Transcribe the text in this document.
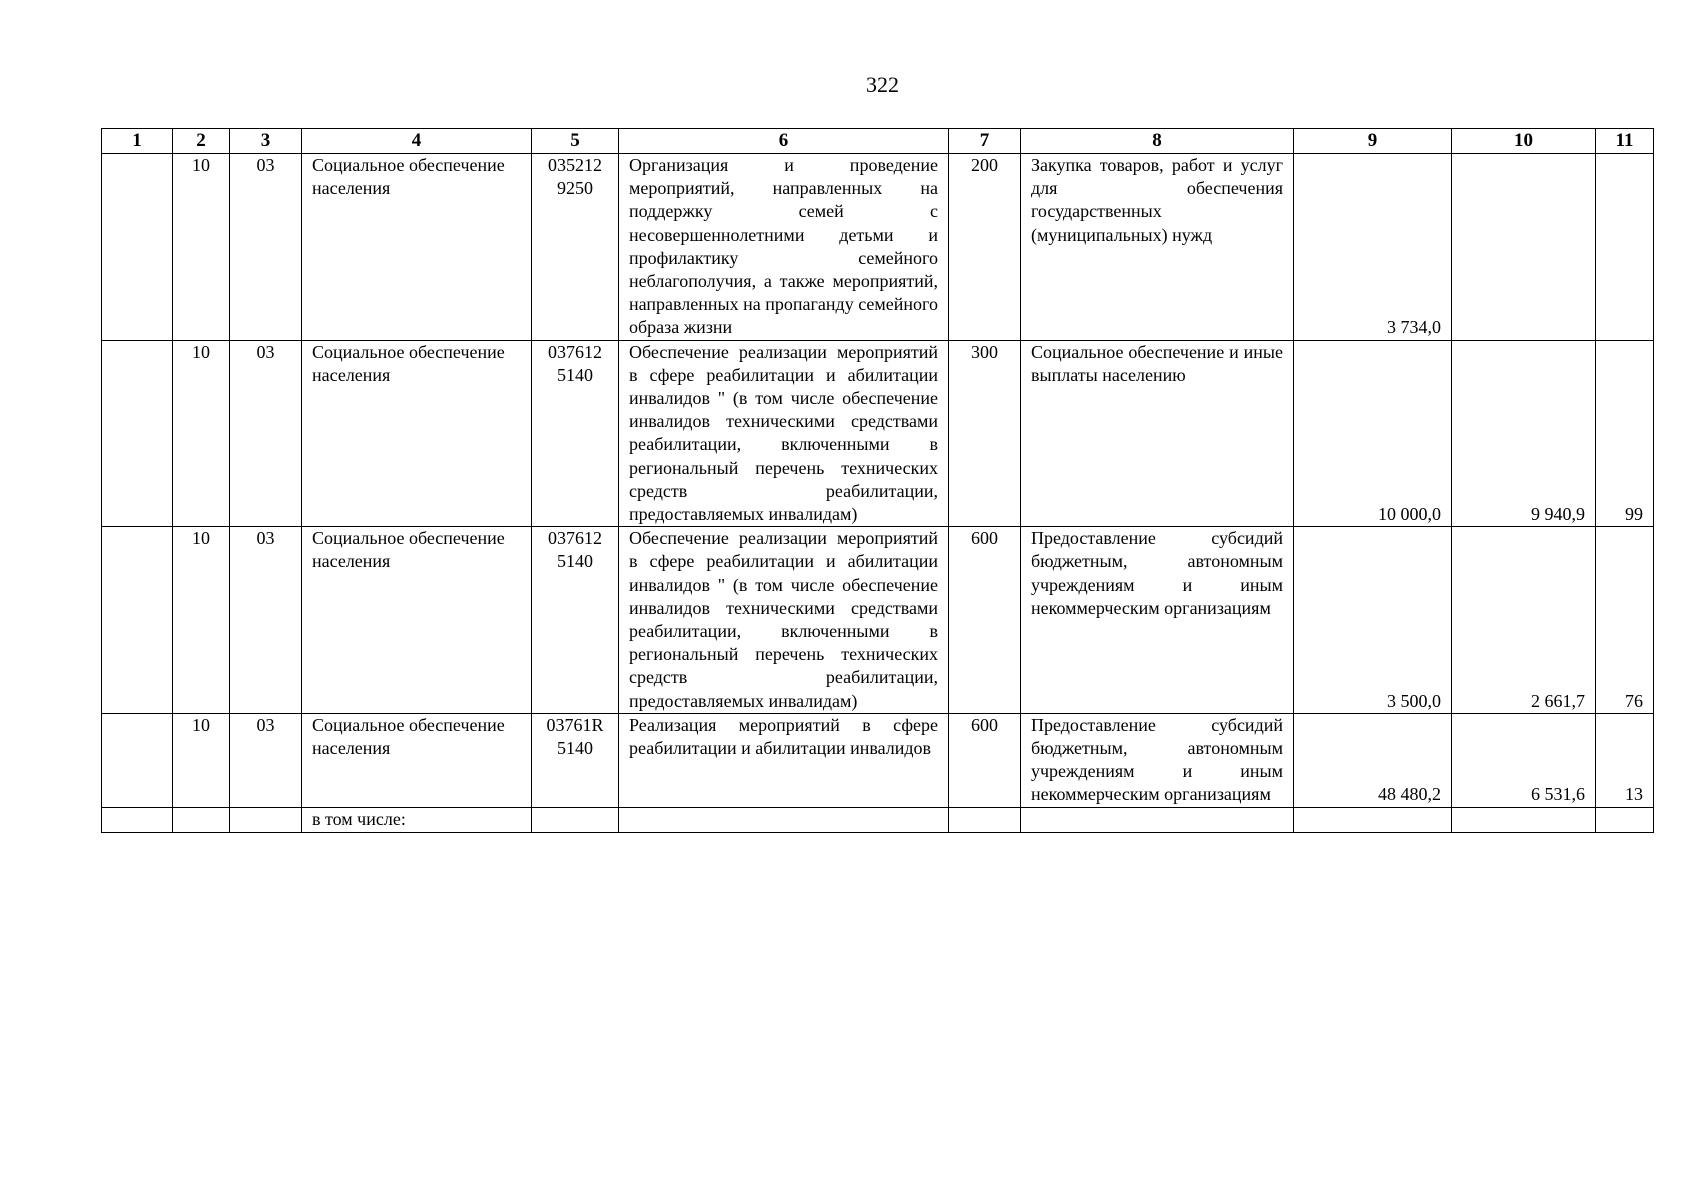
322
1	2	3	4	5	6	7	8	9	10	11
	10	03	Социальное обеспечение населения	035212 9250	Организация и проведение мероприятий, направленных на поддержку семей с несовершеннолетними детьми и профилактику семейного неблагополучия, а также мероприятий, направленных на пропаганду семейного образа жизни	200	Закупка товаров, работ и услуг для обеспечения государственных (муниципальных) нужд	3 734,0		
	10	03	Социальное обеспечение населения	037612 5140	Обеспечение реализации мероприятий в сфере реабилитации и абилитации инвалидов " (в том числе обеспечение инвалидов техническими средствами реабилитации, включенными в региональный перечень технических средств реабилитации, предоставляемых инвалидам)	300	Социальное обеспечение и иные выплаты населению	10 000,0	9 940,9	99
	10	03	Социальное обеспечение населения	037612 5140	Обеспечение реализации мероприятий в сфере реабилитации и абилитации инвалидов " (в том числе обеспечение инвалидов техническими средствами реабилитации, включенными в региональный перечень технических средств реабилитации, предоставляемых инвалидам)	600	Предоставление субсидий бюджетным, автономным учреждениям и иным некоммерческим организациям	3 500,0	2 661,7	76
	10	03	Социальное обеспечение населения	03761R 5140	Реализация мероприятий в сфере реабилитации и абилитации инвалидов	600	Предоставление субсидий бюджетным, автономным учреждениям и иным некоммерческим организациям	48 480,2	6 531,6	13
			в том числе:							
